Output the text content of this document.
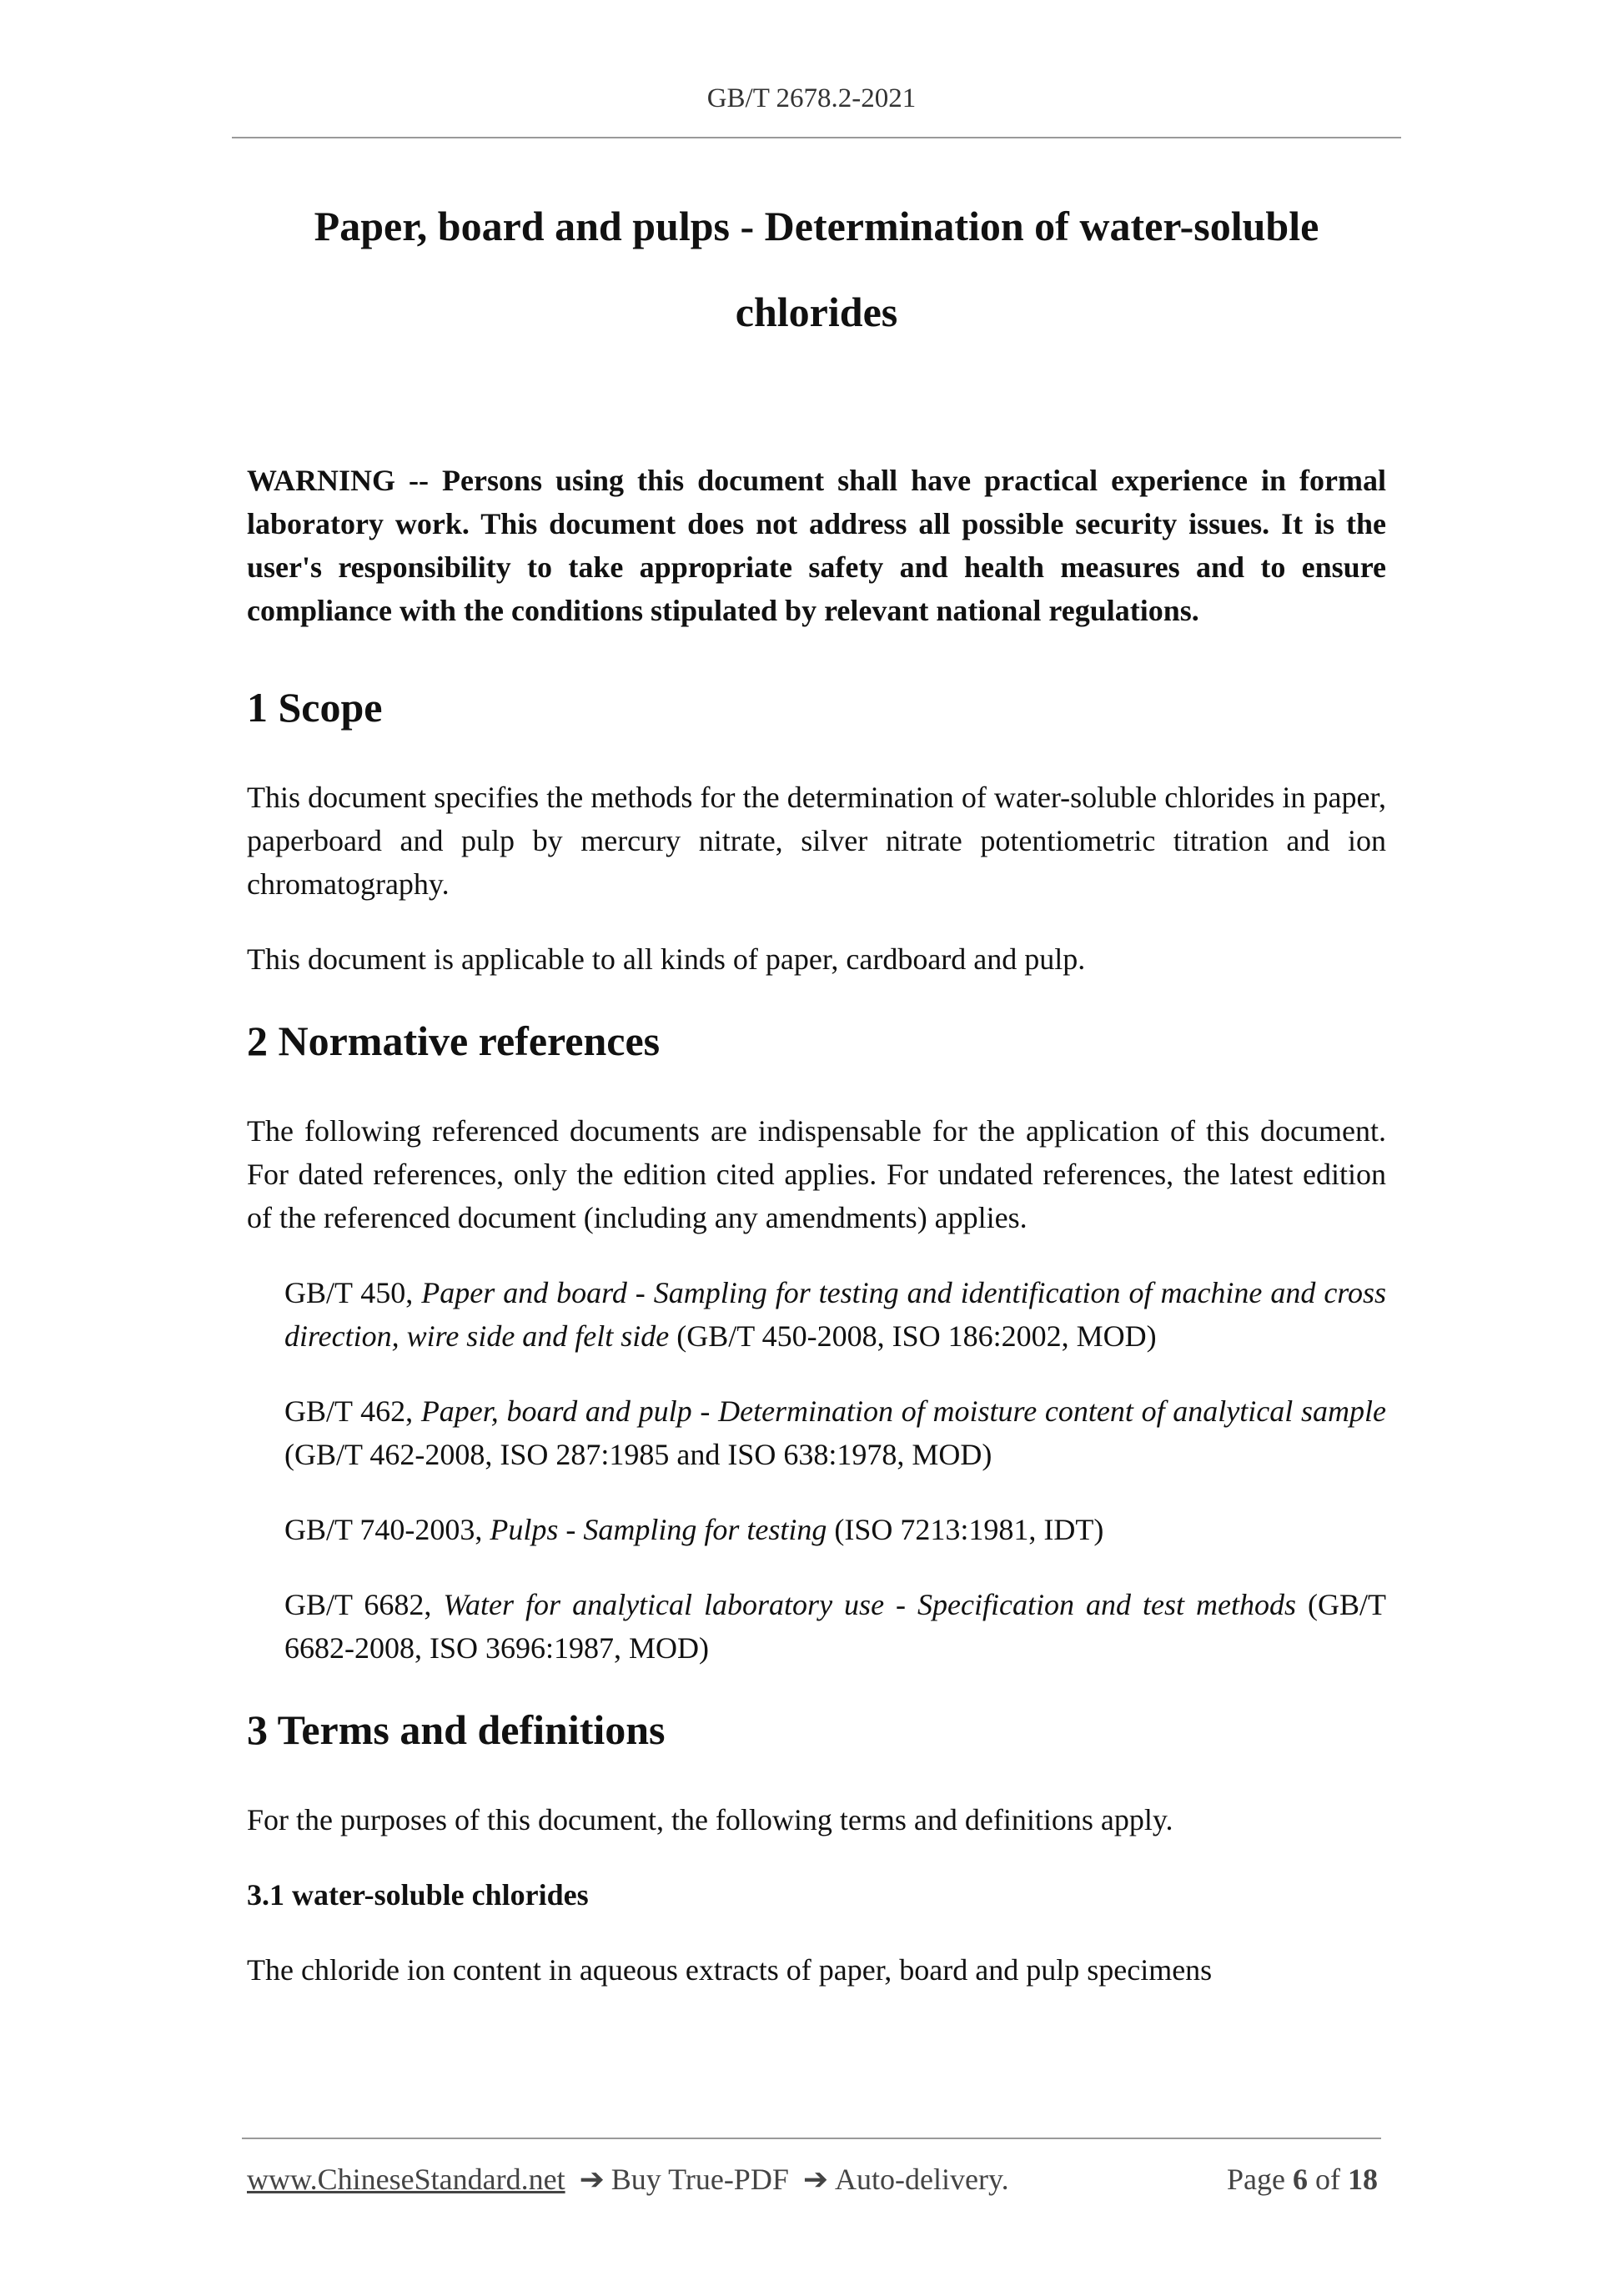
GB/T 2678.2-2021
Paper, board and pulps - Determination of water-soluble
chlorides

WARNING -- Persons using this document shall have practical experience in formal laboratory work. This document does not address all possible security issues. It is the user's responsibility to take appropriate safety and health measures and to ensure compliance with the conditions stipulated by relevant national regulations.

1 Scope

This document specifies the methods for the determination of water-soluble chlorides in paper, paperboard and pulp by mercury nitrate, silver nitrate potentiometric titration and ion chromatography.

This document is applicable to all kinds of paper, cardboard and pulp.

2 Normative references

The following referenced documents are indispensable for the application of this document. For dated references, only the edition cited applies. For undated references, the latest edition of the referenced document (including any amendments) applies.

GB/T 450, Paper and board - Sampling for testing and identification of machine and cross direction, wire side and felt side (GB/T 450-2008, ISO 186:2002, MOD)
GB/T 462, Paper, board and pulp - Determination of moisture content of analytical sample (GB/T 462-2008, ISO 287:1985 and ISO 638:1978, MOD)
GB/T 740-2003, Pulps - Sampling for testing (ISO 7213:1981, IDT)
GB/T 6682, Water for analytical laboratory use - Specification and test methods (GB/T 6682-2008, ISO 3696:1987, MOD)
3 Terms and definitions

For the purposes of this document, the following terms and definitions apply.

3.1 water-soluble chlorides

The chloride ion content in aqueous extracts of paper, board and pulp specimens

www.ChineseStandard.net ➔ Buy True-PDF ➔ Auto-delivery.	Page 6 of 18
